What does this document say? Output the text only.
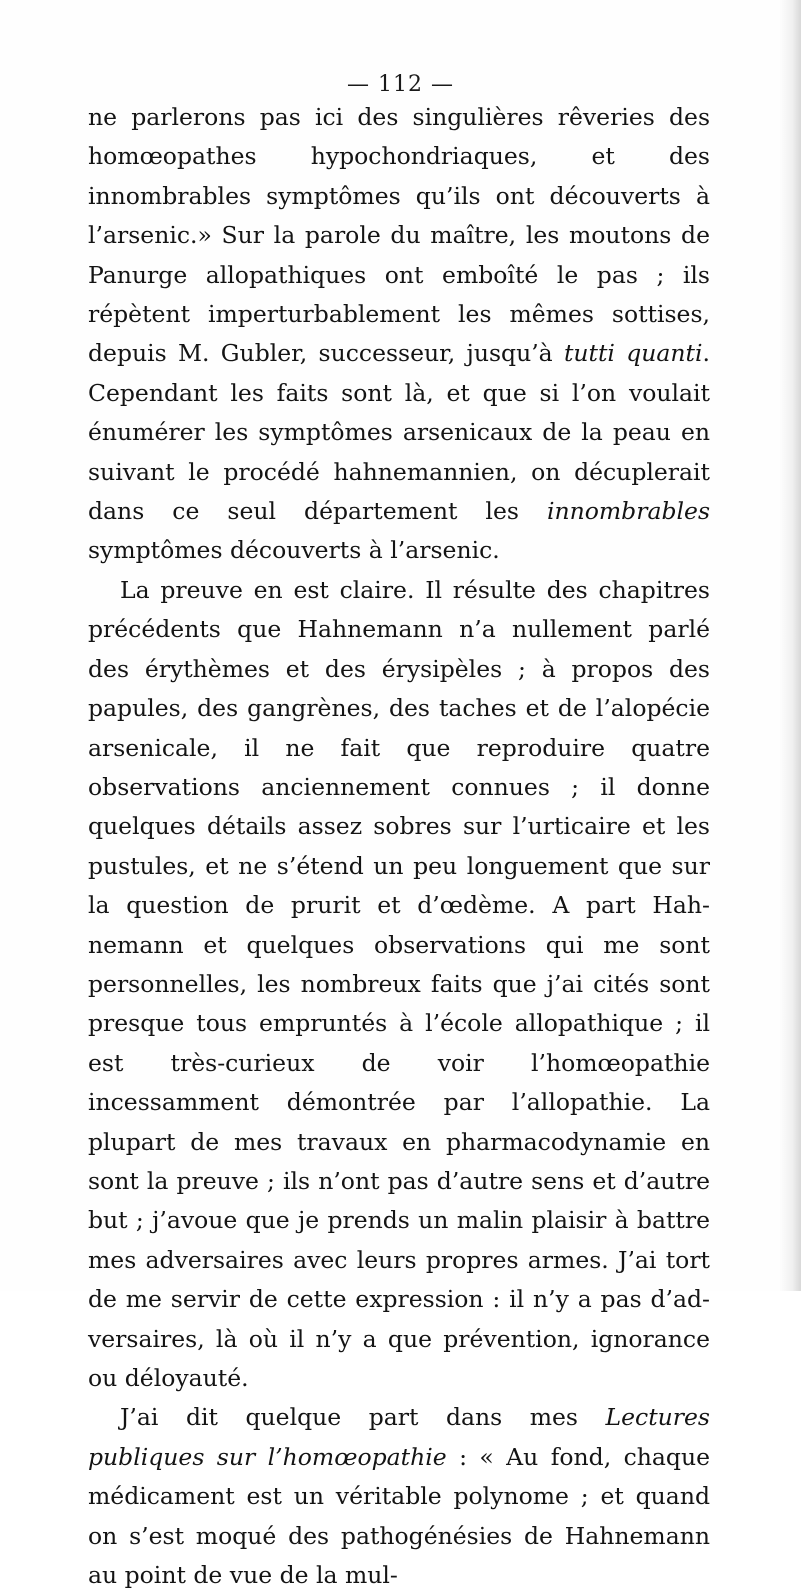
— 112 —

ne parlerons pas ici des singulières rêveries des homœopathes hypochondriaques, et des innombrables symptômes qu’ils ont découverts à l’arsenic.» Sur la parole du maître, les moutons de Panurge allopathiques ont emboîté le pas ; ils répètent imperturbablement les mêmes sottises, depuis M. Gubler, successeur, jusqu’à tutti quanti. Cependant les faits sont là, et que si l’on voulait énumérer les symptômes arsenicaux de la peau en suivant le procédé hahnemannien, on décuplerait dans ce seul département les innombrables symptômes découverts à l’arsenic.

La preuve en est claire. Il résulte des chapitres précédents que Hahnemann n’a nullement parlé des érythèmes et des érysipèles ; à propos des papules, des gangrènes, des taches et de l’alopécie arsenicale, il ne fait que reproduire quatre observations anciennement connues ; il donne quelques détails assez sobres sur l’urticaire et les pustules, et ne s’étend un peu longuement que sur la question de prurit et d’œdème. A part Hahnemann et quelques observations qui me sont personnelles, les nombreux faits que j’ai cités sont presque tous empruntés à l’école allopathique ; il est très-curieux de voir l’homœopathie incessamment démontrée par l’allopathie. La plupart de mes travaux en pharmacodynamie en sont la preuve ; ils n’ont pas d’autre sens et d’autre but ; j’avoue que je prends un malin plaisir à battre mes adversaires avec leurs propres armes. J’ai tort de me servir de cette expression : il n’y a pas d’adversaires, là où il n’y a que prévention, ignorance ou déloyauté.

J’ai dit quelque part dans mes Lectures publiques sur l’homœopathie : « Au fond, chaque médicament est un véritable polynome ; et quand on s’est moqué des pathogénésies de Hahnemann au point de vue de la mul-
